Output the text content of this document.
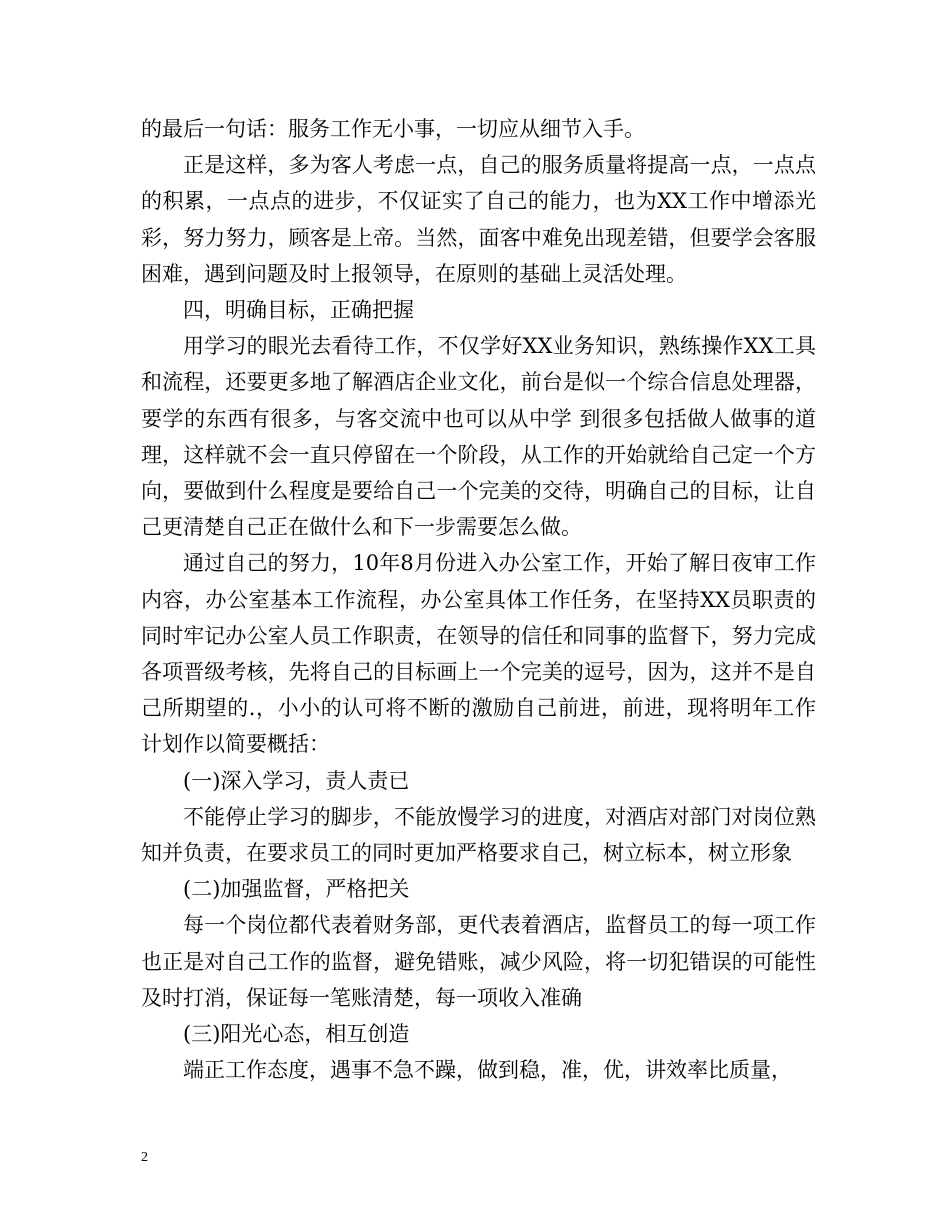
的最后一句话：服务工作无小事，一切应从细节入手。

正是这样，多为客人考虑一点，自己的服务质量将提高一点，一点点的积累，一点点的进步，不仅证实了自己的能力，也为XX工作中增添光彩，努力努力，顾客是上帝。当然，面客中难免出现差错，但要学会客服困难，遇到问题及时上报领导，在原则的基础上灵活处理。

四，明确目标，正确把握

用学习的眼光去看待工作，不仅学好XX业务知识，熟练操作XX工具和流程，还要更多地了解酒店企业文化，前台是似一个综合信息处理器，要学的东西有很多，与客交流中也可以从中学 到很多包括做人做事的道理，这样就不会一直只停留在一个阶段，从工作的开始就给自己定一个方向，要做到什么程度是要给自己一个完美的交待，明确自己的目标，让自己更清楚自己正在做什么和下一步需要怎么做。

通过自己的努力，10年8月份进入办公室工作，开始了解日夜审工作内容，办公室基本工作流程，办公室具体工作任务，在坚持XX员职责的同时牢记办公室人员工作职责，在领导的信任和同事的监督下，努力完成各项晋级考核，先将自己的目标画上一个完美的逗号，因为，这并不是自己所期望的.，小小的认可将不断的激励自己前进，前进，现将明年工作计划作以简要概括：

(一)深入学习，责人责已

不能停止学习的脚步，不能放慢学习的进度，对酒店对部门对岗位熟知并负责，在要求员工的同时更加严格要求自己，树立标本，树立形象

(二)加强监督，严格把关

每一个岗位都代表着财务部，更代表着酒店，监督员工的每一项工作也正是对自己工作的监督，避免错账，减少风险，将一切犯错误的可能性及时打消，保证每一笔账清楚，每一项收入准确

(三)阳光心态，相互创造

端正工作态度，遇事不急不躁，做到稳，准，优，讲效率比质量，

2
